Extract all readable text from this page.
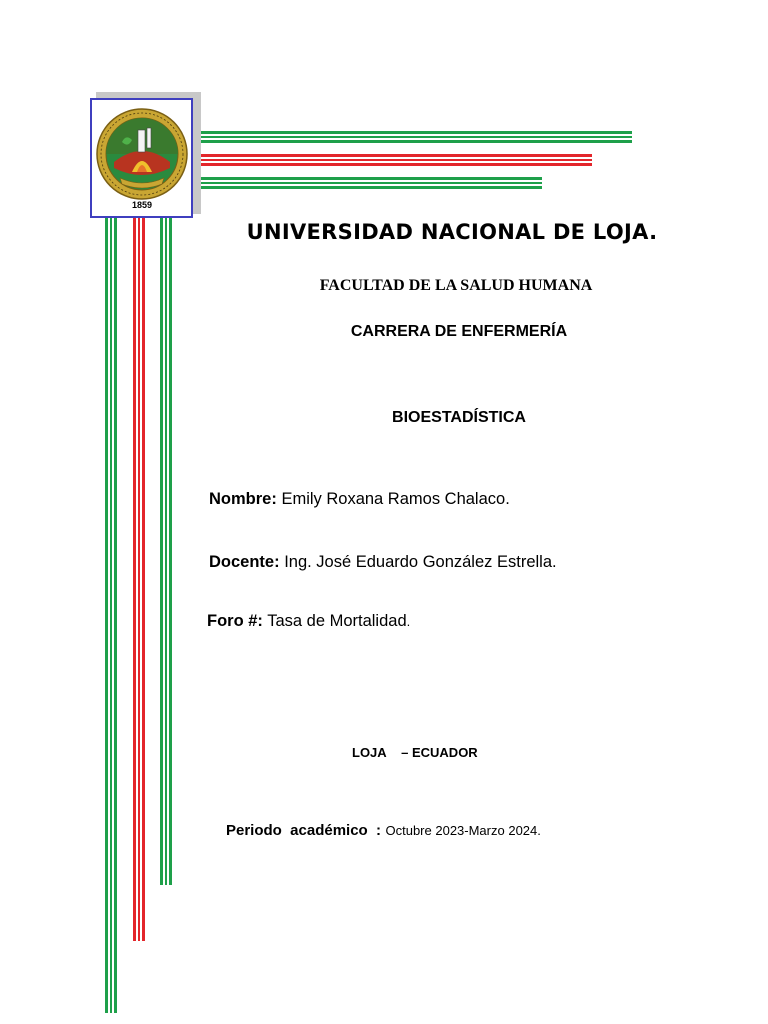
1859
UNIVERSIDAD NACIONAL DE LOJA.
FACULTAD DE LA SALUD HUMANA
CARRERA DE ENFERMERÍA
BIOESTADÍSTICA
Nombre: Emily Roxana Ramos Chalaco.
Docente: Ing. José Eduardo González Estrella.
Foro #: Tasa de Mortalidad.
LOJA – ECUADOR
Periodo  académico  : Octubre 2023-Marzo 2024.
